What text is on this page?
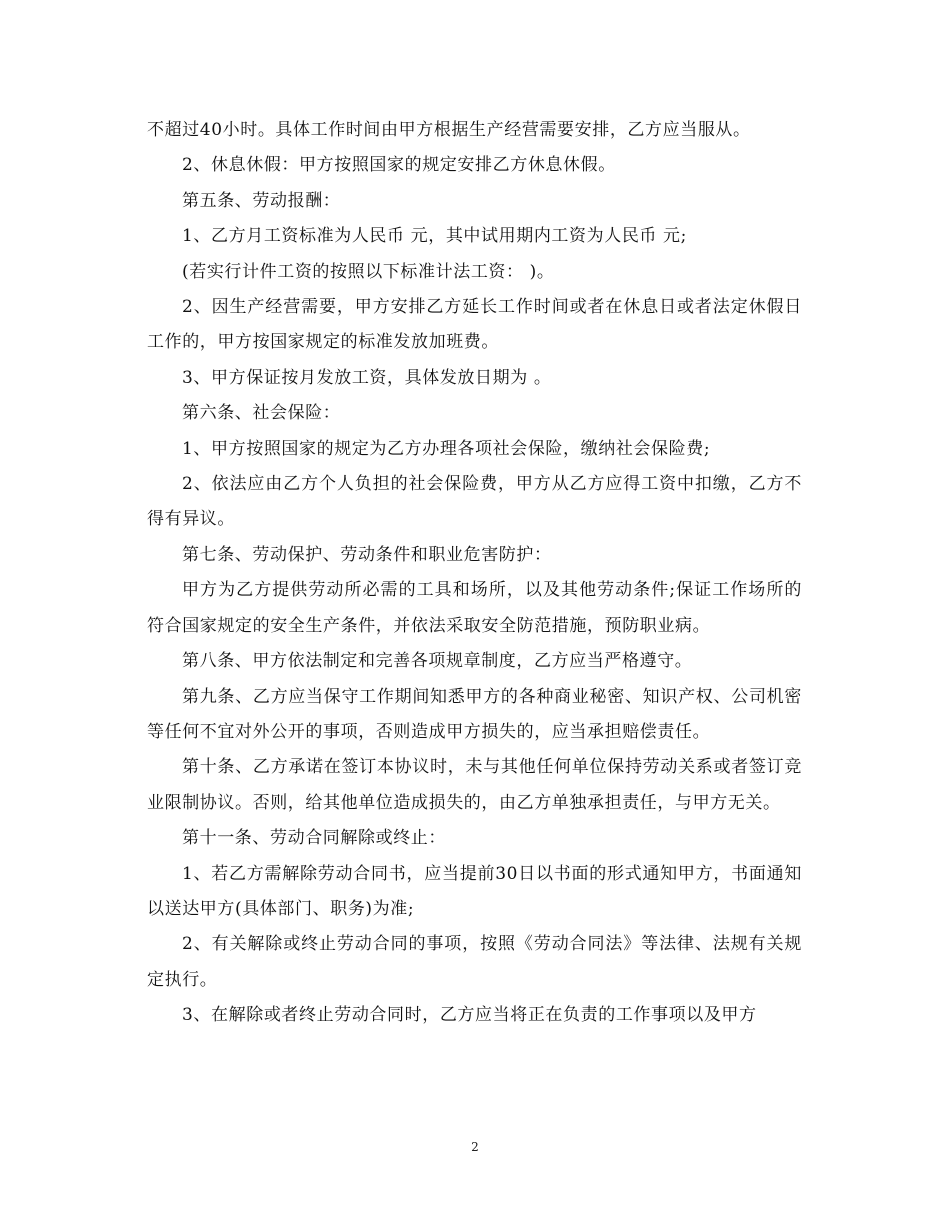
不超过40小时。具体工作时间由甲方根据生产经营需要安排，乙方应当服从。

2、休息休假：甲方按照国家的规定安排乙方休息休假。

第五条、劳动报酬：

1、乙方月工资标准为人民币 元，其中试用期内工资为人民币 元;

(若实行计件工资的按照以下标准计法工资： )。

2、因生产经营需要，甲方安排乙方延长工作时间或者在休息日或者法定休假日工作的，甲方按国家规定的标准发放加班费。

3、甲方保证按月发放工资，具体发放日期为 。

第六条、社会保险：

1、甲方按照国家的规定为乙方办理各项社会保险，缴纳社会保险费;

2、依法应由乙方个人负担的社会保险费，甲方从乙方应得工资中扣缴，乙方不得有异议。

第七条、劳动保护、劳动条件和职业危害防护：

甲方为乙方提供劳动所必需的工具和场所，以及其他劳动条件;保证工作场所的符合国家规定的安全生产条件，并依法采取安全防范措施，预防职业病。

第八条、甲方依法制定和完善各项规章制度，乙方应当严格遵守。

第九条、乙方应当保守工作期间知悉甲方的各种商业秘密、知识产权、公司机密等任何不宜对外公开的事项，否则造成甲方损失的，应当承担赔偿责任。

第十条、乙方承诺在签订本协议时，未与其他任何单位保持劳动关系或者签订竞业限制协议。否则，给其他单位造成损失的，由乙方单独承担责任，与甲方无关。

第十一条、劳动合同解除或终止：

1、若乙方需解除劳动合同书，应当提前30日以书面的形式通知甲方，书面通知以送达甲方(具体部门、职务)为准;

2、有关解除或终止劳动合同的事项，按照《劳动合同法》等法律、法规有关规定执行。

3、在解除或者终止劳动合同时，乙方应当将正在负责的工作事项以及甲方

2
